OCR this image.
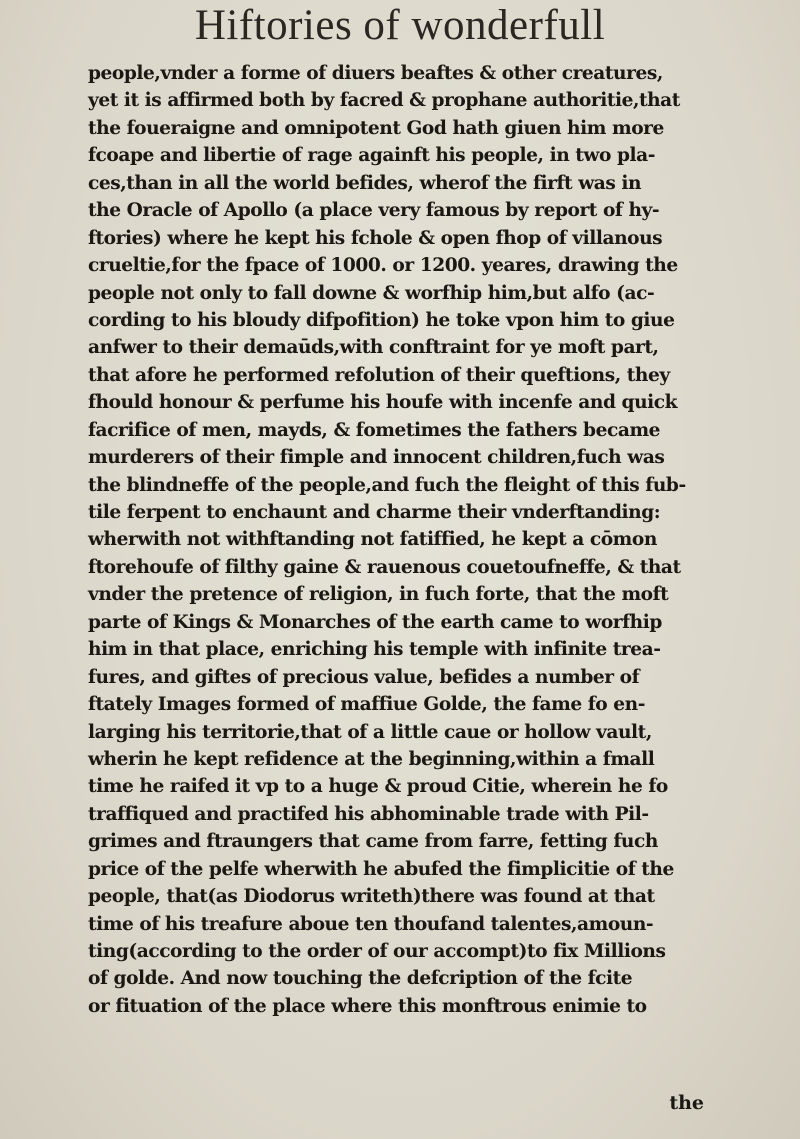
Hiftories of wonderfull
people,vnder a forme of diuers beaftes & other creatures,
yet it is affirmed both by facred & prophane authoritie,that
the foueraigne and omnipotent God hath giuen him more
fcoape and libertie of rage againft his people, in two pla-
ces,than in all the world befides, wherof the firft was in
the Oracle of Apollo (a place very famous by report of hy-
ftories) where he kept his fchole & open fhop of villanous
crueltie,for the fpace of 1000. or 1200. yeares, drawing the
people not only to fall downe & worfhip him,but alfo (ac-
cording to his bloudy difpofition) he toke vpon him to giue
anfwer to their demaūds,with conftraint for ye moft part,
that afore he performed refolution of their queftions, they
fhould honour & perfume his houfe with incenfe and quick
facrifice of men, mayds, & fometimes the fathers became
murderers of their fimple and innocent children,fuch was
the blindneffe of the people,and fuch the fleight of this fub-
tile ferpent to enchaunt and charme their vnderftanding:
wherwith not withftanding not fatiffied, he kept a cōmon
ftorehoufe of filthy gaine & rauenous couetoufneffe, & that
vnder the pretence of religion, in fuch forte, that the moft
parte of Kings & Monarches of the earth came to worfhip
him in that place, enriching his temple with infinite trea-
fures, and giftes of precious value, befides a number of
ftately Images formed of maffiue Golde, the fame fo en-
larging his territorie,that of a little caue or hollow vault,
wherin he kept refidence at the beginning,within a fmall
time he raifed it vp to a huge & proud Citie, wherein he fo
traffiqued and practifed his abhominable trade with Pil-
grimes and ftraungers that came from farre, fetting fuch
price of the pelfe wherwith he abufed the fimplicitie of the
people, that(as Diodorus writeth)there was found at that
time of his treafure aboue ten thoufand talentes,amoun-
ting(according to the order of our accompt)to fix Millions
of golde. And now touching the defcription of the fcite
or fituation of the place where this monftrous enimie to
the
